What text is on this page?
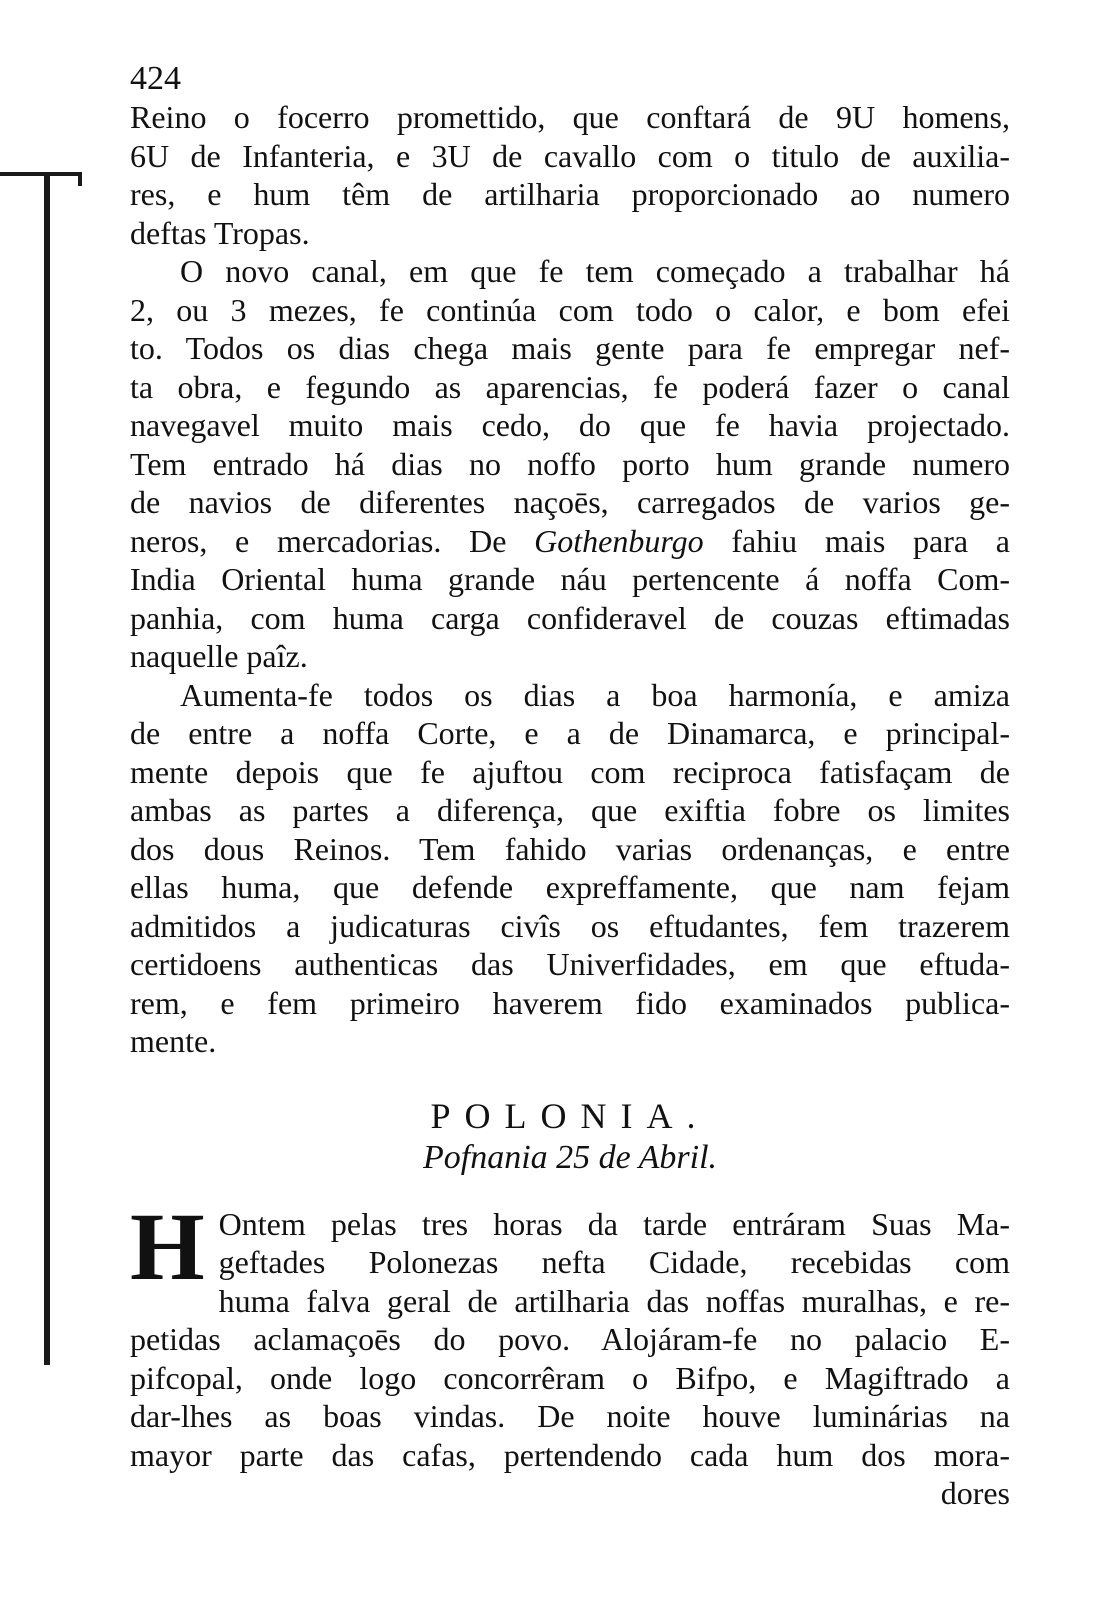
424

Reino o focerro promettido, que conftará de 9U homens,
6U de Infanteria, e 3U de cavallo com o titulo de auxilia-
res, e hum têm de artilharia proporcionado ao numero
deftas Tropas.

O novo canal, em que fe tem começado a trabalhar há
2, ou 3 mezes, fe continúa com todo o calor, e bom efei
to. Todos os dias chega mais gente para fe empregar nef-
ta obra, e fegundo as aparencias, fe poderá fazer o canal
navegavel muito mais cedo, do que fe havia projectado.
Tem entrado há dias no noffo porto hum grande numero
de navios de diferentes naçoēs, carregados de varios ge-
neros, e mercadorias. De Gothenburgo fahiu mais para a
India Oriental huma grande náu pertencente á noffa Com-
panhia, com huma carga confideravel de couzas eftimadas
naquelle paîz.

Aumenta-fe todos os dias a boa harmonía, e amiza
de entre a noffa Corte, e a de Dinamarca, e principal-
mente depois que fe ajuftou com reciproca fatisfaçam de
ambas as partes a diferença, que exiftia fobre os limites
dos dous Reinos. Tem fahido varias ordenanças, e entre
ellas huma, que defende expreffamente, que nam fejam
admitidos a judicaturas civîs os eftudantes, fem trazerem
certidoens authenticas das Univerfidades, em que eftuda-
rem, e fem primeiro haverem fido examinados publica-
mente.

POLONIA.

Pofnania 25 de Abril.

H Ontem pelas tres horas da tarde entráram Suas Ma-
geftades Polonezas nefta Cidade, recebidas com
huma falva geral de artilharia das noffas muralhas, e re-
petidas aclamaçoēs do povo. Alojáram-fe no palacio E-
pifcopal, onde logo concorrêram o Bifpo, e Magiftrado a
dar-lhes as boas vindas. De noite houve luminárias na
mayor parte das cafas, pertendendo cada hum dos mora-

dores
